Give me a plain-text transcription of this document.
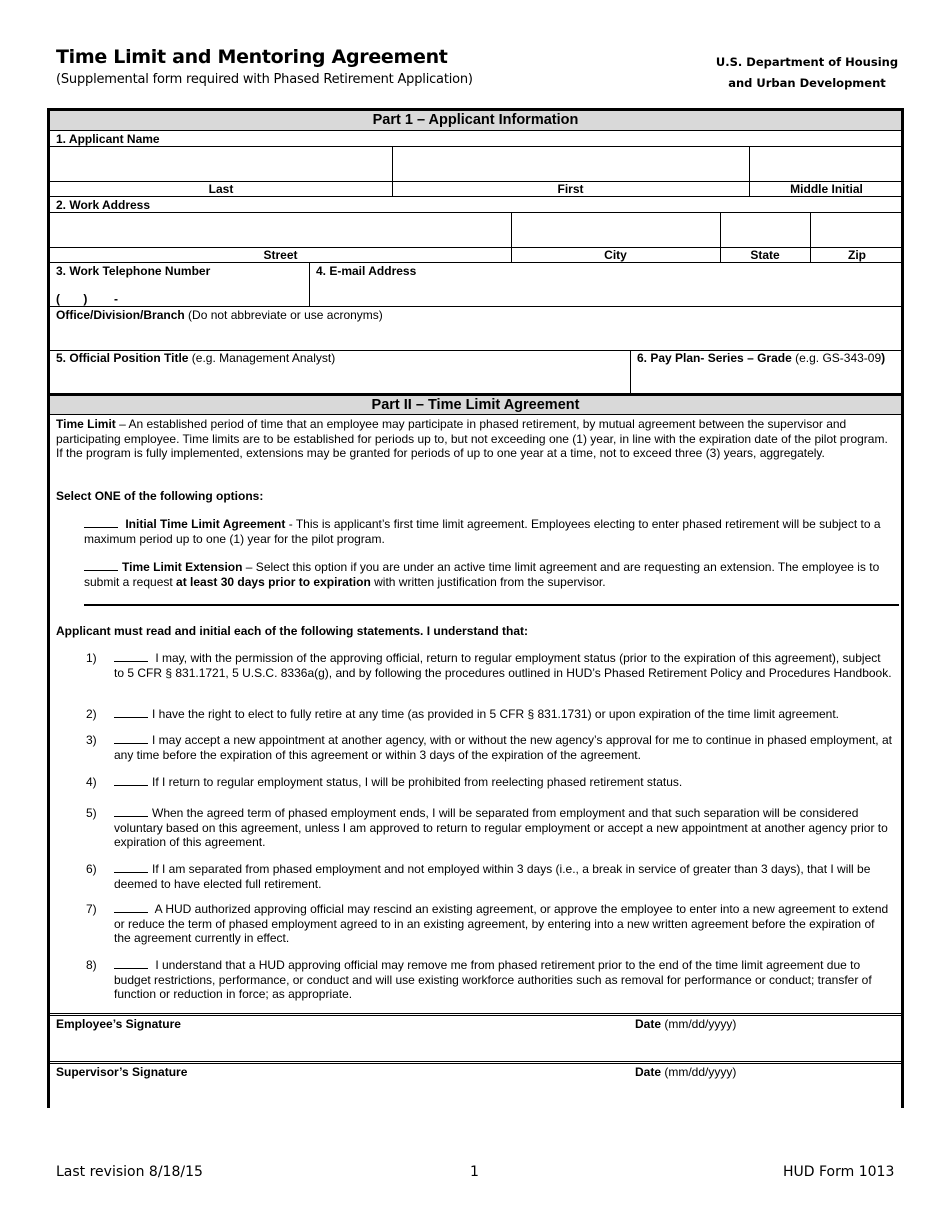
Time Limit and Mentoring Agreement
(Supplemental form required with Phased Retirement Application)
U.S. Department of Housing
and Urban Development
Part 1 – Applicant Information
1. Applicant Name
Last	First	Middle Initial
2. Work Address
Street	City	State	Zip
3. Work Telephone Number
(       )        -
4. E-mail Address
Office/Division/Branch (Do not abbreviate or use acronyms)
5. Official Position Title (e.g. Management Analyst)	6. Pay Plan- Series – Grade (e.g. GS-343-09)
Part II – Time Limit Agreement
Time Limit – An established period of time that an employee may participate in phased retirement, by mutual agreement between the supervisor and participating employee. Time limits are to be established for periods up to, but not exceeding one (1) year, in line with the expiration date of the pilot program. If the program is fully implemented, extensions may be granted for periods of up to one year at a time, not to exceed three (3) years, aggregately.
Select ONE of the following options:
Initial Time Limit Agreement - This is applicant’s first time limit agreement. Employees electing to enter phased retirement will be subject to a maximum period up to one (1) year for the pilot program.
Time Limit Extension – Select this option if you are under an active time limit agreement and are requesting an extension. The employee is to submit a request at least 30 days prior to expiration with written justification from the supervisor.
Applicant must read and initial each of the following statements. I understand that:
1)	I may, with the permission of the approving official, return to regular employment status (prior to the expiration of this agreement), subject to 5 CFR § 831.1721, 5 U.S.C. 8336a(g), and by following the procedures outlined in HUD’s Phased Retirement Policy and Procedures Handbook.
2)	I have the right to elect to fully retire at any time (as provided in 5 CFR § 831.1731) or upon expiration of the time limit agreement.
3)	I may accept a new appointment at another agency, with or without the new agency’s approval for me to continue in phased employment, at any time before the expiration of this agreement or within 3 days of the expiration of the agreement.
4)	If I return to regular employment status, I will be prohibited from reelecting phased retirement status.
5)	When the agreed term of phased employment ends, I will be separated from employment and that such separation will be considered voluntary based on this agreement, unless I am approved to return to regular employment or accept a new appointment at another agency prior to expiration of this agreement.
6)	If I am separated from phased employment and not employed within 3 days (i.e., a break in service of greater than 3 days), that I will be deemed to have elected full retirement.
7)	A HUD authorized approving official may rescind an existing agreement, or approve the employee to enter into a new agreement to extend or reduce the term of phased employment agreed to in an existing agreement, by entering into a new written agreement before the expiration of the agreement currently in effect.
8)	I understand that a HUD approving official may remove me from phased retirement prior to the end of the time limit agreement due to budget restrictions, performance, or conduct and will use existing workforce authorities such as removal for performance or conduct; transfer of function or reduction in force; as appropriate.
Employee’s Signature	Date (mm/dd/yyyy)
Supervisor’s Signature	Date (mm/dd/yyyy)
Last revision 8/18/15	1	HUD Form 1013
